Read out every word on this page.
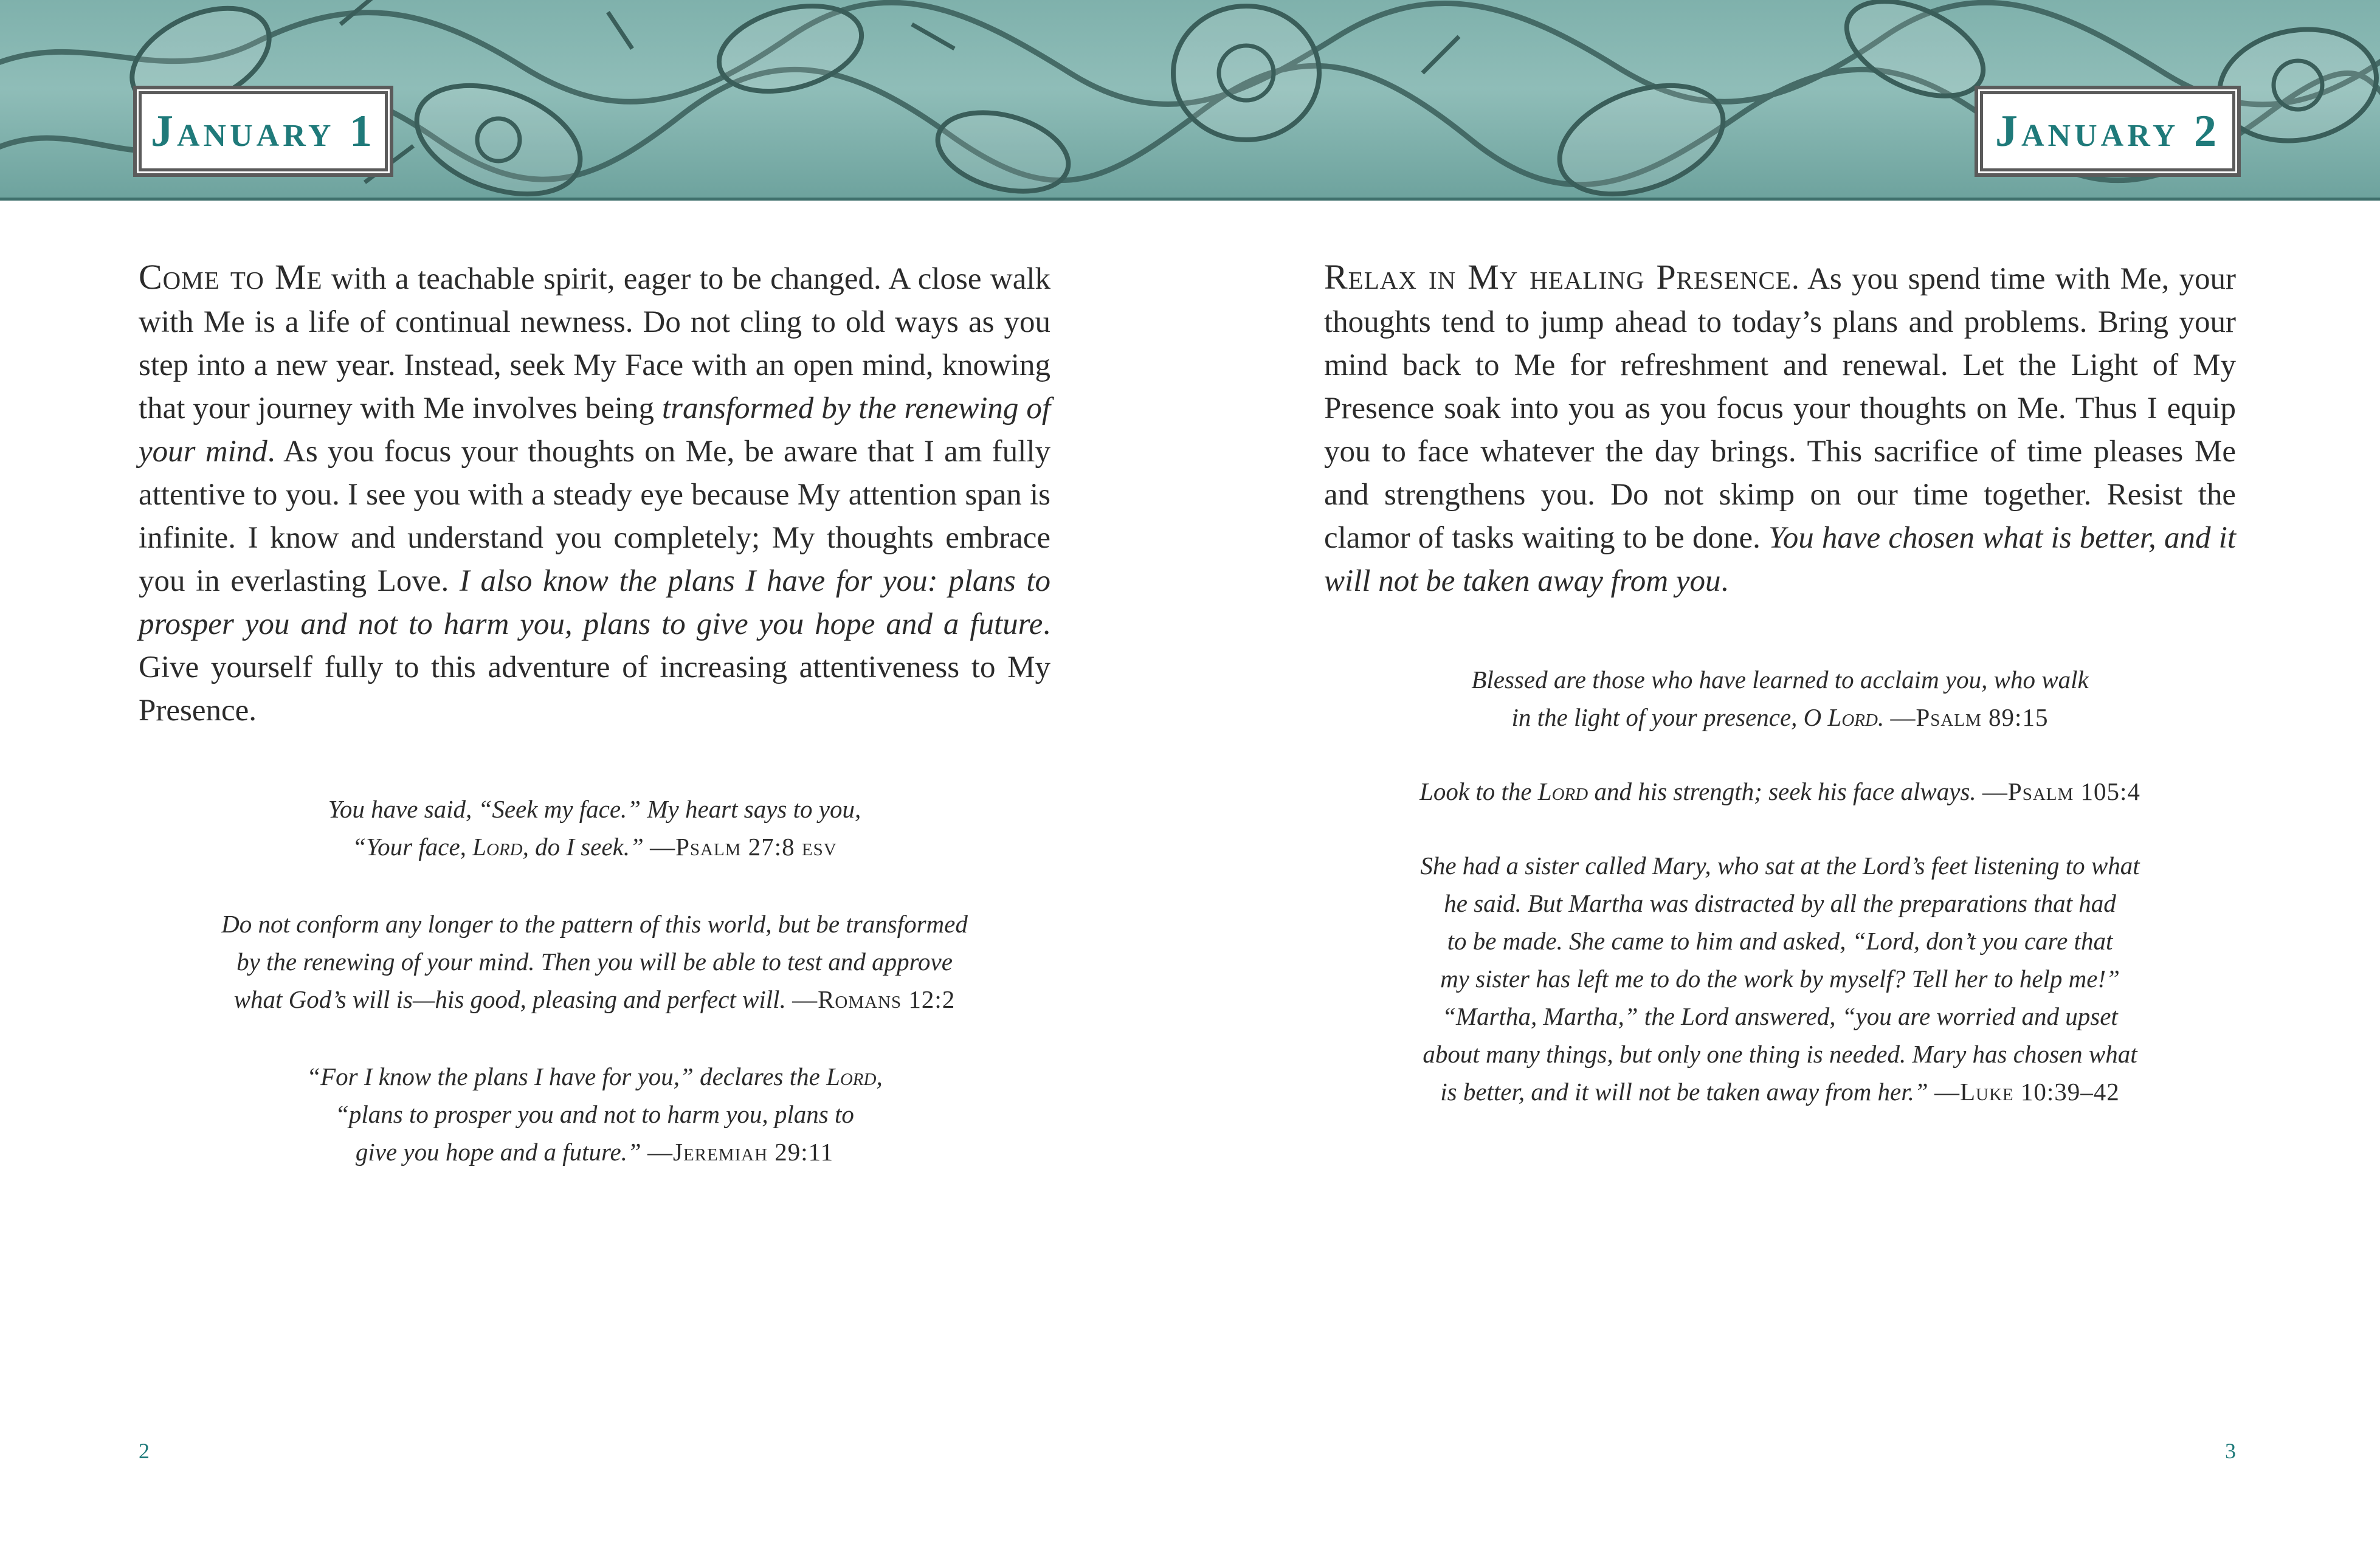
January 1	January 2

Come to Me with a teachable spirit, eager to be changed. A close walk with Me is a life of continual newness. Do not cling to old ways as you step into a new year. Instead, seek My Face with an open mind, knowing that your journey with Me involves being transformed by the renewing of your mind. As you focus your thoughts on Me, be aware that I am fully attentive to you. I see you with a steady eye because My attention span is infinite. I know and understand you completely; My thoughts embrace you in everlasting Love. I also know the plans I have for you: plans to prosper you and not to harm you, plans to give you hope and a future. Give yourself fully to this adventure of increasing attentiveness to My Presence.

You have said, “Seek my face.” My heart says to you,
“Your face, Lord, do I seek.” —Psalm 27:8 esv

Do not conform any longer to the pattern of this world, but be transformed
by the renewing of your mind. Then you will be able to test and approve
what God’s will is—his good, pleasing and perfect will. —Romans 12:2

“For I know the plans I have for you,” declares the Lord,
“plans to prosper you and not to harm you, plans to
give you hope and a future.” —Jeremiah 29:11

Relax in My healing Presence. As you spend time with Me, your thoughts tend to jump ahead to today’s plans and problems. Bring your mind back to Me for refreshment and renewal. Let the Light of My Presence soak into you as you focus your thoughts on Me. Thus I equip you to face whatever the day brings. This sacrifice of time pleases Me and strengthens you. Do not skimp on our time together. Resist the clamor of tasks waiting to be done. You have chosen what is better, and it will not be taken away from you.

Blessed are those who have learned to acclaim you, who walk
in the light of your presence, O Lord. —Psalm 89:15

Look to the Lord and his strength; seek his face always. —Psalm 105:4

She had a sister called Mary, who sat at the Lord’s feet listening to what
he said. But Martha was distracted by all the preparations that had
to be made. She came to him and asked, “Lord, don’t you care that
my sister has left me to do the work by myself? Tell her to help me!”
“Martha, Martha,” the Lord answered, “you are worried and upset
about many things, but only one thing is needed. Mary has chosen what
is better, and it will not be taken away from her.” —Luke 10:39–42

2	3
